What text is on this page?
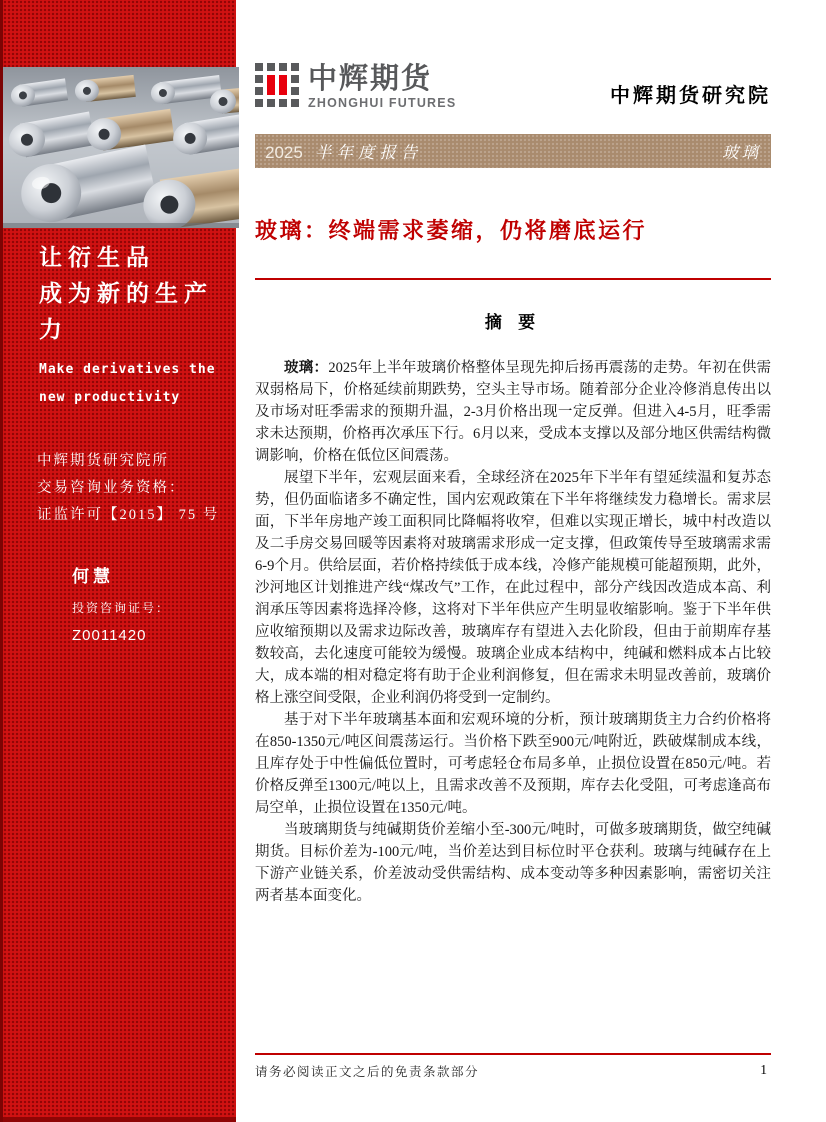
让衍生品
成为新的生产力
Make derivatives the
new productivity
中辉期货研究院所
交易咨询业务资格：
证监许可【2015】 75 号
何慧
投资咨询证号：
Z0011420
中辉期货
ZHONGHUI FUTURES	中辉期货研究院
2025 半年度报告	玻璃
玻璃：终端需求萎缩，仍将磨底运行
摘 要

玻璃：2025年上半年玻璃价格整体呈现先抑后扬再震荡的走势。年初在供需双弱格局下，价格延续前期跌势，空头主导市场。随着部分企业冷修消息传出以及市场对旺季需求的预期升温，2-3月价格出现一定反弹。但进入4-5月，旺季需求未达预期，价格再次承压下行。6月以来，受成本支撑以及部分地区供需结构微调影响，价格在低位区间震荡。

展望下半年，宏观层面来看，全球经济在2025年下半年有望延续温和复苏态势，但仍面临诸多不确定性，国内宏观政策在下半年将继续发力稳增长。需求层面，下半年房地产竣工面积同比降幅将收窄，但难以实现正增长，城中村改造以及二手房交易回暖等因素将对玻璃需求形成一定支撑，但政策传导至玻璃需求需6-9个月。供给层面，若价格持续低于成本线，冷修产能规模可能超预期，此外，沙河地区计划推进产线“煤改气”工作，在此过程中，部分产线因改造成本高、利润承压等因素将选择冷修，这将对下半年供应产生明显收缩影响。鉴于下半年供应收缩预期以及需求边际改善，玻璃库存有望进入去化阶段，但由于前期库存基数较高，去化速度可能较为缓慢。玻璃企业成本结构中，纯碱和燃料成本占比较大，成本端的相对稳定将有助于企业利润修复，但在需求未明显改善前，玻璃价格上涨空间受限，企业利润仍将受到一定制约。

基于对下半年玻璃基本面和宏观环境的分析，预计玻璃期货主力合约价格将在850-1350元/吨区间震荡运行。当价格下跌至900元/吨附近，跌破煤制成本线，且库存处于中性偏低位置时，可考虑轻仓布局多单，止损位设置在850元/吨。若价格反弹至1300元/吨以上，且需求改善不及预期，库存去化受阻，可考虑逢高布局空单，止损位设置在1350元/吨。

当玻璃期货与纯碱期货价差缩小至-300元/吨时，可做多玻璃期货，做空纯碱期货。目标价差为-100元/吨，当价差达到目标位时平仓获利。玻璃与纯碱存在上下游产业链关系，价差波动受供需结构、成本变动等多种因素影响，需密切关注两者基本面变化。

请务必阅读正文之后的免责条款部分	1
